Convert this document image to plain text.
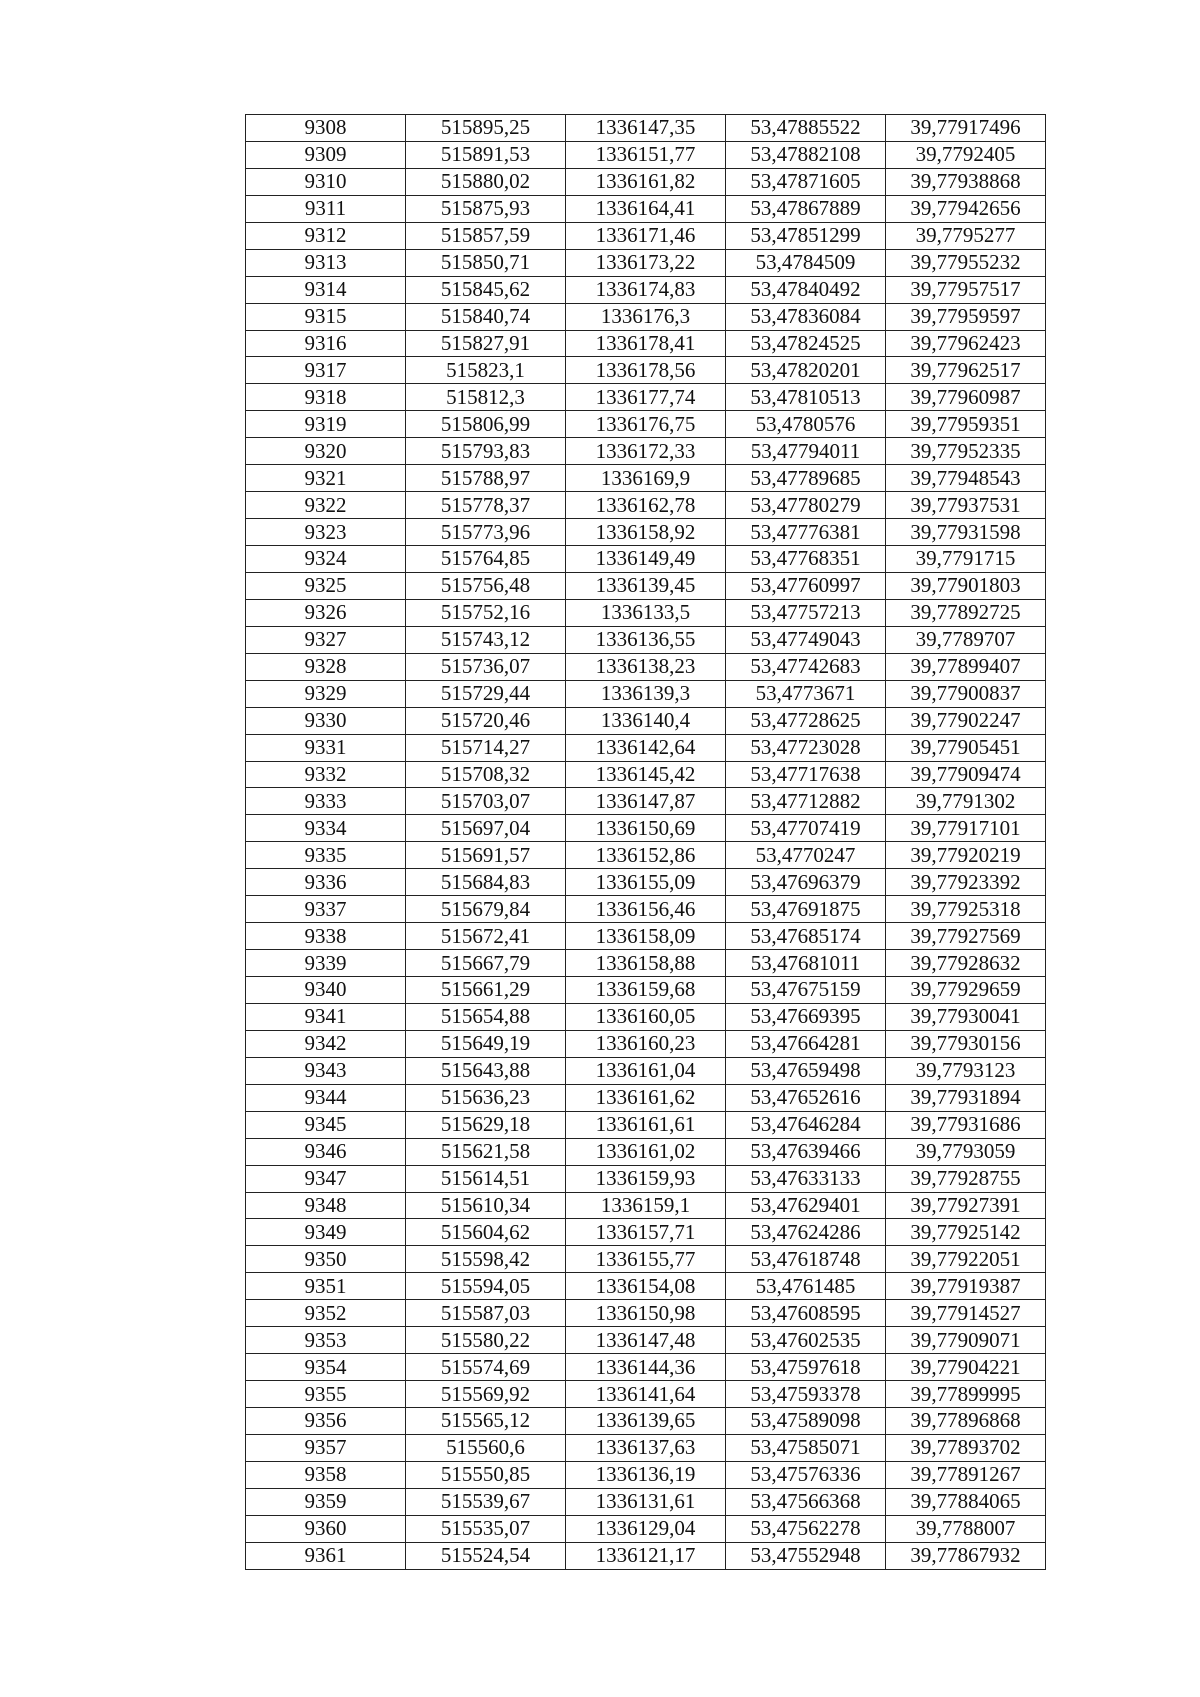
9308	515895,25	1336147,35	53,47885522	39,77917496
9309	515891,53	1336151,77	53,47882108	39,7792405
9310	515880,02	1336161,82	53,47871605	39,77938868
9311	515875,93	1336164,41	53,47867889	39,77942656
9312	515857,59	1336171,46	53,47851299	39,7795277
9313	515850,71	1336173,22	53,4784509	39,77955232
9314	515845,62	1336174,83	53,47840492	39,77957517
9315	515840,74	1336176,3	53,47836084	39,77959597
9316	515827,91	1336178,41	53,47824525	39,77962423
9317	515823,1	1336178,56	53,47820201	39,77962517
9318	515812,3	1336177,74	53,47810513	39,77960987
9319	515806,99	1336176,75	53,4780576	39,77959351
9320	515793,83	1336172,33	53,47794011	39,77952335
9321	515788,97	1336169,9	53,47789685	39,77948543
9322	515778,37	1336162,78	53,47780279	39,77937531
9323	515773,96	1336158,92	53,47776381	39,77931598
9324	515764,85	1336149,49	53,47768351	39,7791715
9325	515756,48	1336139,45	53,47760997	39,77901803
9326	515752,16	1336133,5	53,47757213	39,77892725
9327	515743,12	1336136,55	53,47749043	39,7789707
9328	515736,07	1336138,23	53,47742683	39,77899407
9329	515729,44	1336139,3	53,4773671	39,77900837
9330	515720,46	1336140,4	53,47728625	39,77902247
9331	515714,27	1336142,64	53,47723028	39,77905451
9332	515708,32	1336145,42	53,47717638	39,77909474
9333	515703,07	1336147,87	53,47712882	39,7791302
9334	515697,04	1336150,69	53,47707419	39,77917101
9335	515691,57	1336152,86	53,4770247	39,77920219
9336	515684,83	1336155,09	53,47696379	39,77923392
9337	515679,84	1336156,46	53,47691875	39,77925318
9338	515672,41	1336158,09	53,47685174	39,77927569
9339	515667,79	1336158,88	53,47681011	39,77928632
9340	515661,29	1336159,68	53,47675159	39,77929659
9341	515654,88	1336160,05	53,47669395	39,77930041
9342	515649,19	1336160,23	53,47664281	39,77930156
9343	515643,88	1336161,04	53,47659498	39,7793123
9344	515636,23	1336161,62	53,47652616	39,77931894
9345	515629,18	1336161,61	53,47646284	39,77931686
9346	515621,58	1336161,02	53,47639466	39,7793059
9347	515614,51	1336159,93	53,47633133	39,77928755
9348	515610,34	1336159,1	53,47629401	39,77927391
9349	515604,62	1336157,71	53,47624286	39,77925142
9350	515598,42	1336155,77	53,47618748	39,77922051
9351	515594,05	1336154,08	53,4761485	39,77919387
9352	515587,03	1336150,98	53,47608595	39,77914527
9353	515580,22	1336147,48	53,47602535	39,77909071
9354	515574,69	1336144,36	53,47597618	39,77904221
9355	515569,92	1336141,64	53,47593378	39,77899995
9356	515565,12	1336139,65	53,47589098	39,77896868
9357	515560,6	1336137,63	53,47585071	39,77893702
9358	515550,85	1336136,19	53,47576336	39,77891267
9359	515539,67	1336131,61	53,47566368	39,77884065
9360	515535,07	1336129,04	53,47562278	39,7788007
9361	515524,54	1336121,17	53,47552948	39,77867932
